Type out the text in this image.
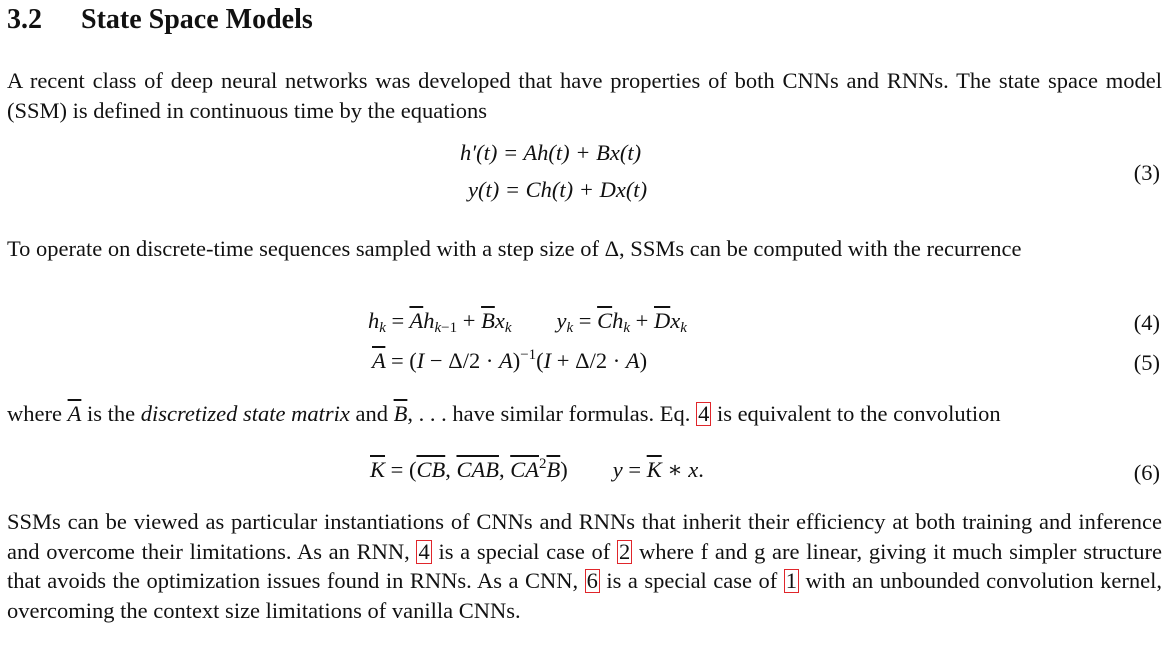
3.2 State Space Models
A recent class of deep neural networks was developed that have properties of both CNNs and RNNs. The state space model (SSM) is defined in continuous time by the equations
h′(t) = Ah(t) + Bx(t)
y(t) = Ch(t) + Dx(t)
(3)
To operate on discrete-time sequences sampled with a step size of Δ, SSMs can be computed with the recurrence
$h_k = \overline{A}h_{k-1} + \overline{B}x_k$        $y_k = \overline{C}h_k + \overline{D}x_k$	(4)
$\overline{A} = (I - \Delta/2 \cdot A)^{-1}(I + \Delta/2 \cdot A)$	(5)
where $\overline{A}$ is the discretized state matrix and $\overline{B}$, . . . have similar formulas. Eq. 4 is equivalent to the convolution
$\overline{K} = (\overline{CB}$, $\overline{CAB}$, $\overline{CA}^2\overline{B}$)        $y = \overline{K}$ ∗ x.	(6)
SSMs can be viewed as particular instantiations of CNNs and RNNs that inherit their efficiency at both training and inference and overcome their limitations. As an RNN, 4 is a special case of 2 where f and g are linear, giving it much simpler structure that avoids the optimization issues found in RNNs. As a CNN, 6 is a special case of 1 with an unbounded convolution kernel, overcoming the context size limitations of vanilla CNNs.
